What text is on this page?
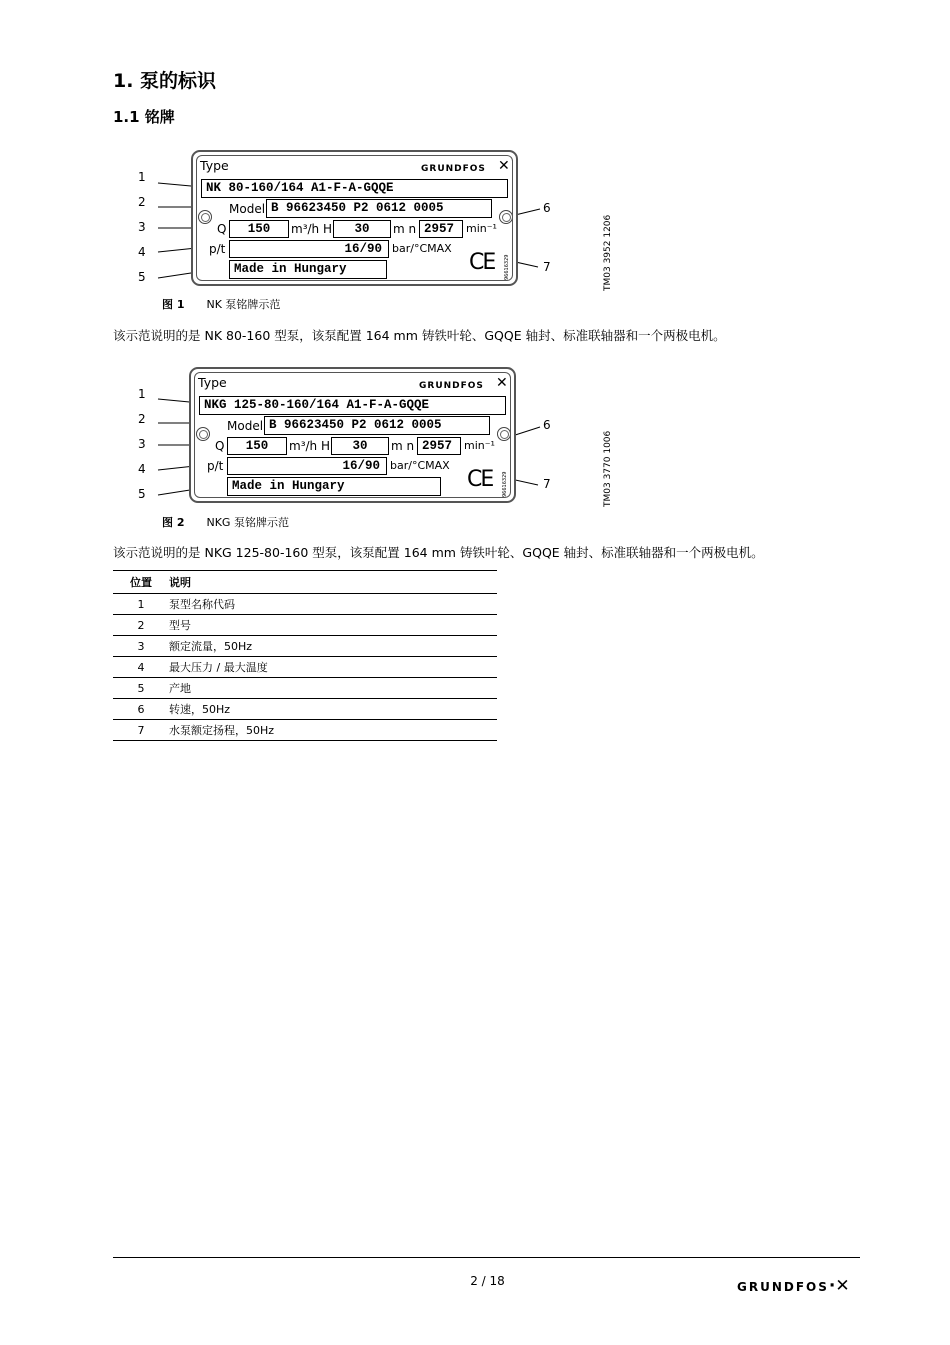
1. 泵的标识
1.1 铭牌
1
2
3
4
5
6
7
Type	GRUNDFOS ✕
NK 80-160/164 A1-F-A-GQQE
Model B 96623450 P2 0612 0005
Q	150	m³/h H	30	m n 2957	min⁻¹
p/t	16/90 bar/°CMAX
Made in Hungary	CE 96616329	TM03 3952 1206
图 1 NK 泵铭牌示范
该示范说明的是 NK 80-160 型泵，该泵配置 164 mm 铸铁叶轮、GQQE 轴封、标准联轴器和一个两极电机。
1
2
3
4
5
6
7
Type	GRUNDFOS ✕
NKG 125-80-160/164 A1-F-A-GQQE
Model B 96623450 P2 0612 0005
Q	150	m³/h H	30	m n 2957	min⁻¹
p/t	16/90 bar/°CMAX
Made in Hungary	CE 96616329	TM03 3770 1006
图 2 NKG 泵铭牌示范
该示范说明的是 NKG 125-80-160 型泵，该泵配置 164 mm 铸铁叶轮、GQQE 轴封、标准联轴器和一个两极电机。
位置	说明
1	泵型名称代码
2	型号
3	额定流量，50Hz
4	最大压力 / 最大温度
5	产地
6	转速，50Hz
7	水泵额定扬程，50Hz
2 / 18	GRUNDFOS·✕
